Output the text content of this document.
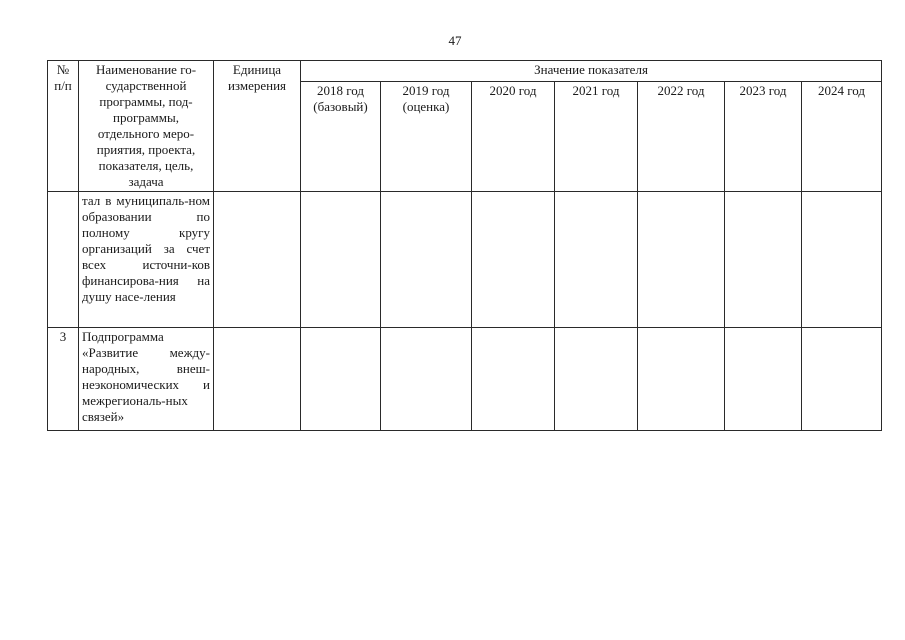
47
№ п/п	Наименование го-сударственной программы, под-программы, отдельного меро-приятия, проекта, показателя, цель, задача	Единица измерения	Значение показателя						
			2018 год (базовый)	2019 год (оценка)	2020 год	2021 год	2022 год	2023 год	2024 год
	тал в муниципаль-ном образовании по полному кругу организаций за счет всех источни-ков финансирова-ния на душу насе-ления								
3	Подпрограмма «Развитие между-народных, внеш-неэкономических и межрегиональ-ных связей»								
